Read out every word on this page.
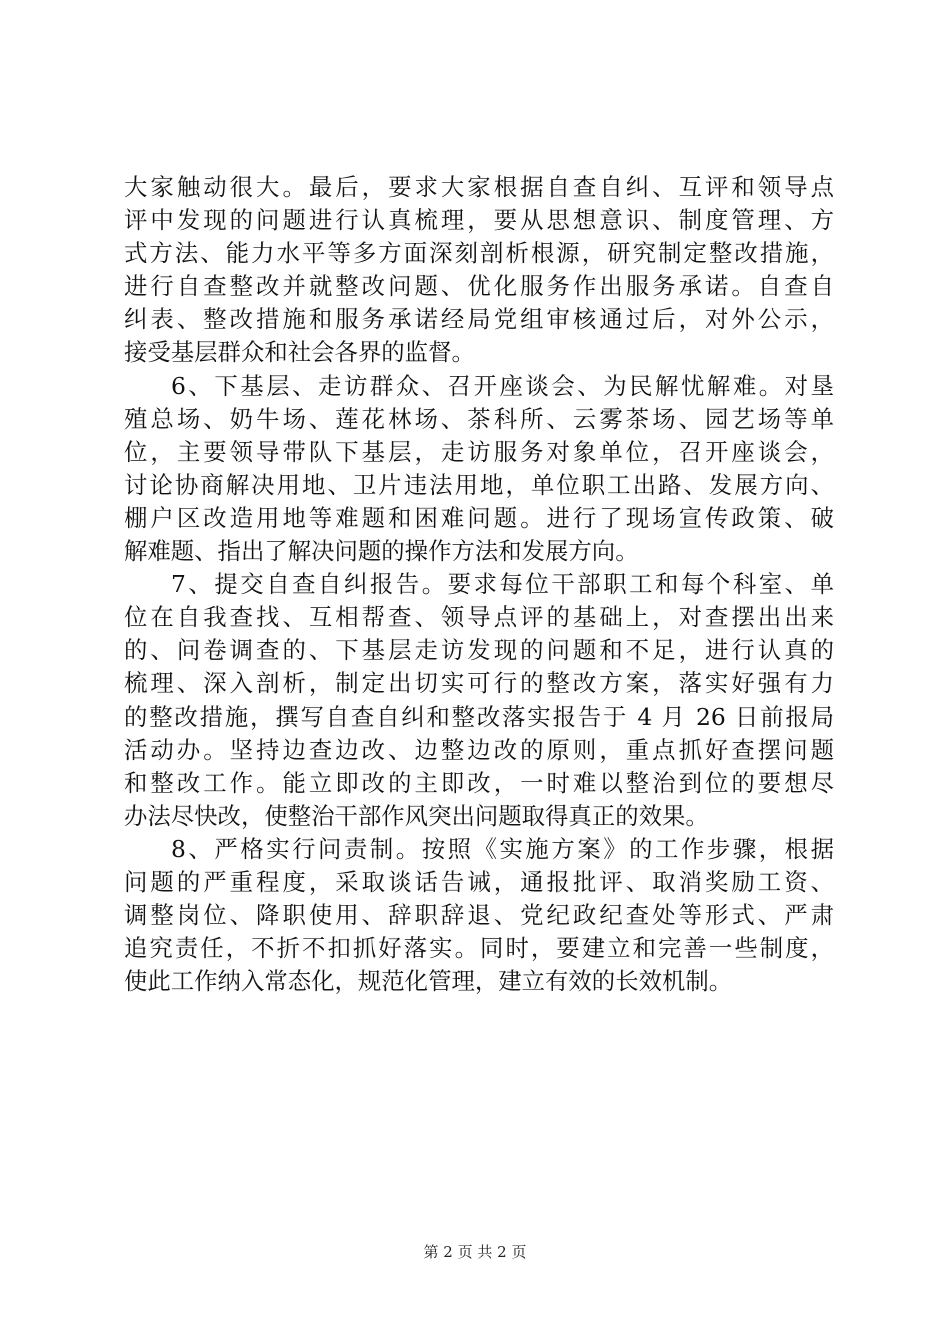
大家触动很大。最后，要求大家根据自查自纠、互评和领导点
评中发现的问题进行认真梳理，要从思想意识、制度管理、方
式方法、能力水平等多方面深刻剖析根源，研究制定整改措施，
进行自查整改并就整改问题、优化服务作出服务承诺。自查自
纠表、整改措施和服务承诺经局党组审核通过后，对外公示，
接受基层群众和社会各界的监督。
6、下基层、走访群众、召开座谈会、为民解忧解难。对垦
殖总场、奶牛场、莲花林场、茶科所、云雾茶场、园艺场等单
位，主要领导带队下基层，走访服务对象单位，召开座谈会，
讨论协商解决用地、卫片违法用地，单位职工出路、发展方向、
棚户区改造用地等难题和困难问题。进行了现场宣传政策、破
解难题、指出了解决问题的操作方法和发展方向。
7、提交自查自纠报告。要求每位干部职工和每个科室、单
位在自我查找、互相帮查、领导点评的基础上，对查摆出出来
的、问卷调查的、下基层走访发现的问题和不足，进行认真的
梳理、深入剖析，制定出切实可行的整改方案，落实好强有力
的整改措施，撰写自查自纠和整改落实报告于 4 月 26 日前报局
活动办。坚持边查边改、边整边改的原则，重点抓好查摆问题
和整改工作。能立即改的主即改，一时难以整治到位的要想尽
办法尽快改，使整治干部作风突出问题取得真正的效果。
8、严格实行问责制。按照《实施方案》的工作步骤，根据
问题的严重程度，采取谈话告诫，通报批评、取消奖励工资、
调整岗位、降职使用、辞职辞退、党纪政纪查处等形式、严肃
追究责任，不折不扣抓好落实。同时，要建立和完善一些制度，
使此工作纳入常态化，规范化管理，建立有效的长效机制。
第 2 页 共 2 页
